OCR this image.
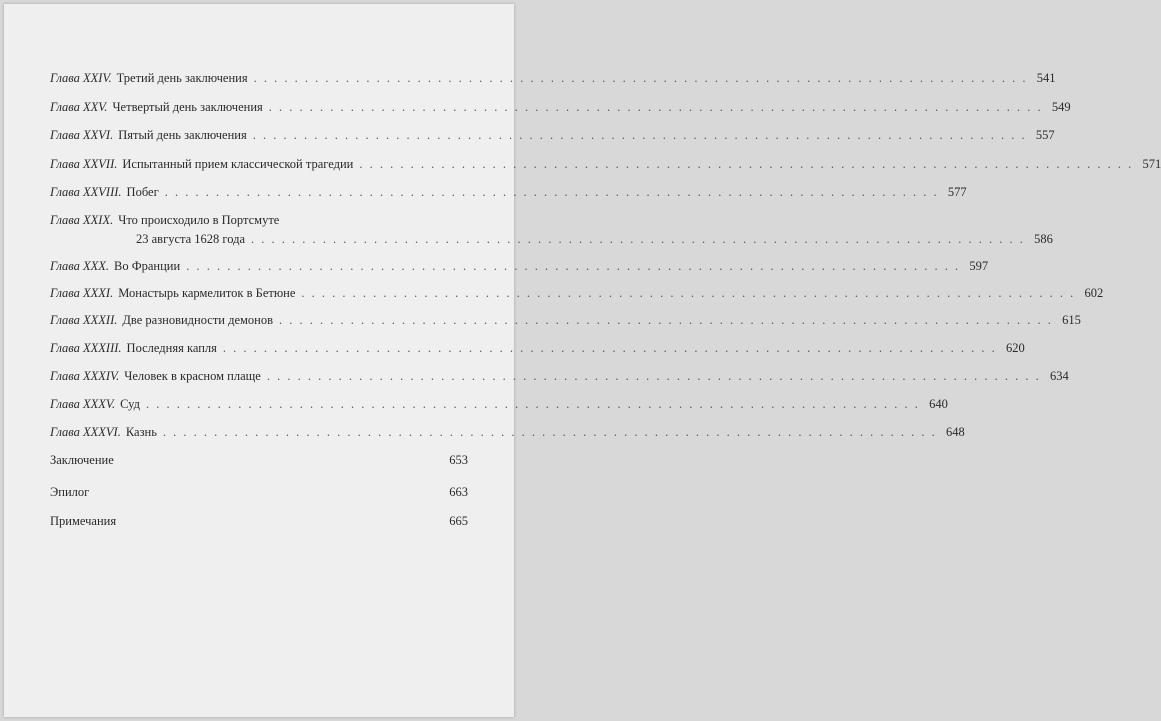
Глава XXIV. Третий день заключения . . .	541
Глава XXV. Четвертый день заключения . . .	549
Глава XXVI. Пятый день заключения . . .	557
Глава XXVII. Испытанный прием классической трагедии . . .	571
Глава XXVIII. Побег . . .	577
Глава XXIX. Что происходило в Портсмуте
23 августа 1628 года . . .	586
Глава XXX. Во Франции . . .	597
Глава XXXI. Монастырь кармелиток в Бетюне . . .	602
Глава XXXII. Две разновидности демонов . . .	615
Глава XXXIII. Последняя капля . . .	620
Глава XXXIV. Человек в красном плаще . . .	634
Глава XXXV. Суд . . .	640
Глава XXXVI. Казнь . . .	648
Заключение	653
Эпилог	663
Примечания	665
